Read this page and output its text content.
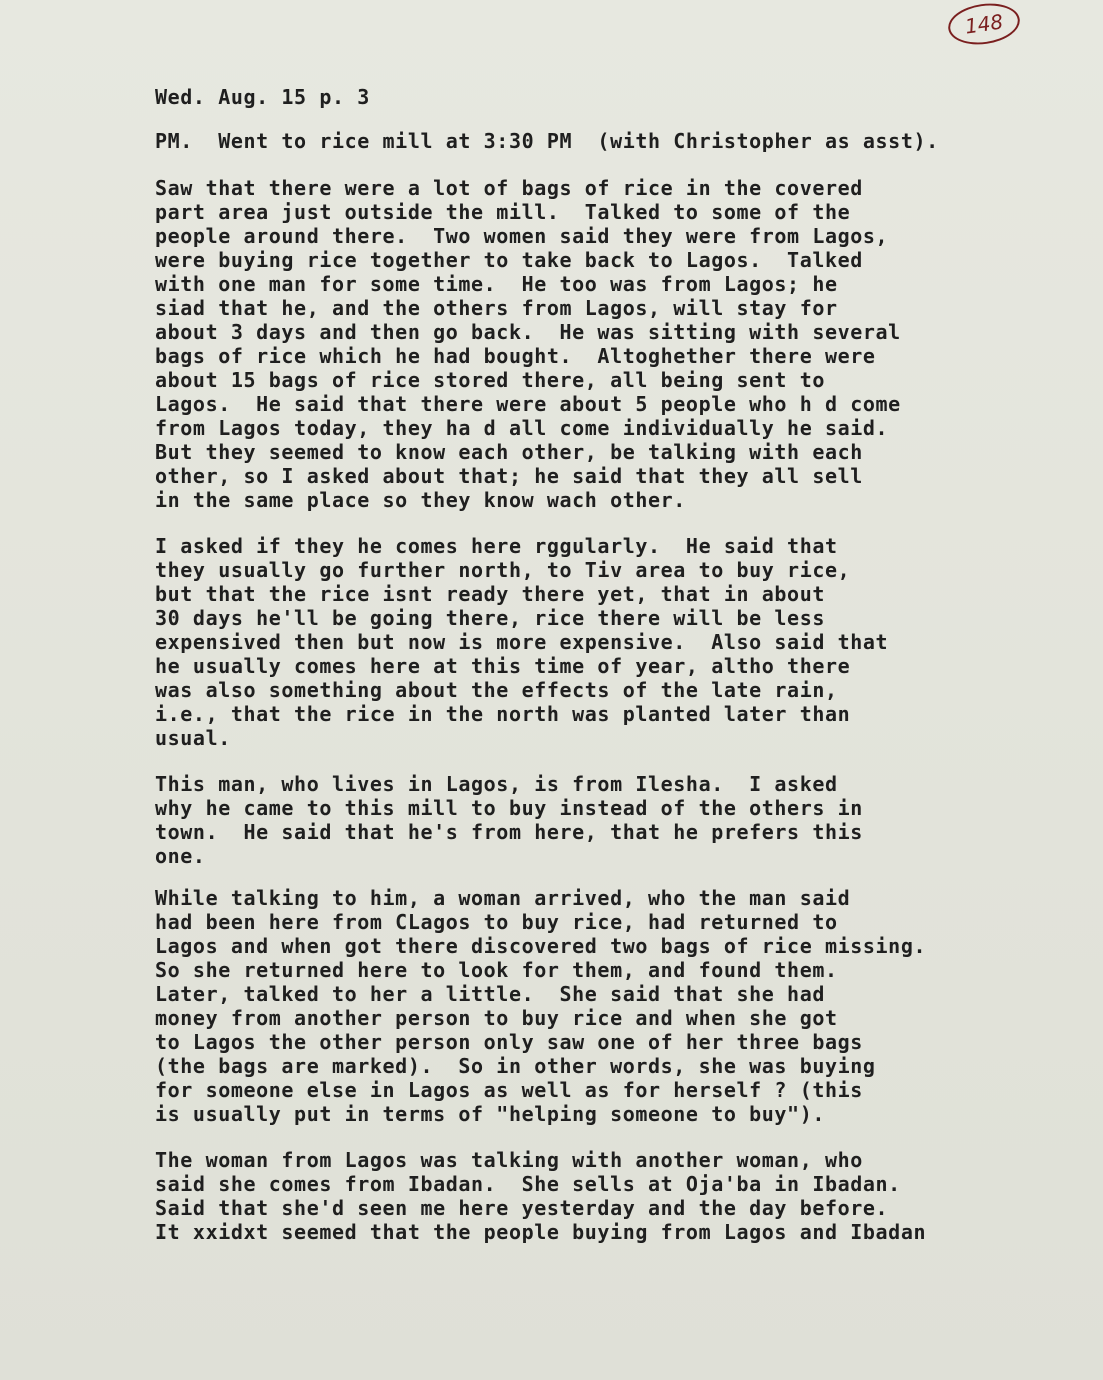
148
Wed. Aug. 15 p. 3
PM.  Went to rice mill at 3:30 PM  (with Christopher as asst).
Saw that there were a lot of bags of rice in the covered
part area just outside the mill.  Talked to some of the
people around there.  Two women said they were from Lagos,
were buying rice together to take back to Lagos.  Talked
with one man for some time.  He too was from Lagos; he
siad that he, and the others from Lagos, will stay for
about 3 days and then go back.  He was sitting with several
bags of rice which he had bought.  Altoghether there were
about 15 bags of rice stored there, all being sent to
Lagos.  He said that there were about 5 people who h d come
from Lagos today, they ha d all come individually he said.
But they seemed to know each other, be talking with each
other, so I asked about that; he said that they all sell
in the same place so they know wach other.
I asked if they he comes here rggularly.  He said that
they usually go further north, to Tiv area to buy rice,
but that the rice isnt ready there yet, that in about
30 days he'll be going there, rice there will be less
expensived then but now is more expensive.  Also said that
he usually comes here at this time of year, altho there
was also something about the effects of the late rain,
i.e., that the rice in the north was planted later than
usual.
This man, who lives in Lagos, is from Ilesha.  I asked
why he came to this mill to buy instead of the others in
town.  He said that he's from here, that he prefers this
one.
While talking to him, a woman arrived, who the man said
had been here from CLagos to buy rice, had returned to
Lagos and when got there discovered two bags of rice missing.
So she returned here to look for them, and found them.
Later, talked to her a little.  She said that she had
money from another person to buy rice and when she got
to Lagos the other person only saw one of her three bags
(the bags are marked).  So in other words, she was buying
for someone else in Lagos as well as for herself ? (this
is usually put in terms of "helping someone to buy").
The woman from Lagos was talking with another woman, who
said she comes from Ibadan.  She sells at Oja'ba in Ibadan.
Said that she'd seen me here yesterday and the day before.
It xxidxt seemed that the people buying from Lagos and Ibadan
